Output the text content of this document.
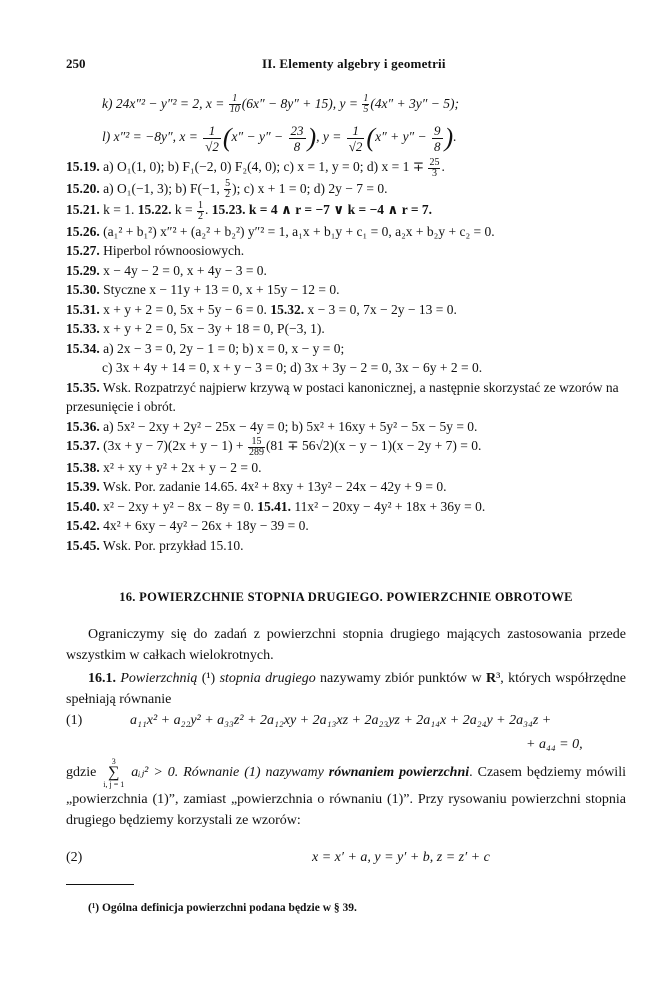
250	II. Elementy algebry i geometrii
k) 24x″² − y″² = 2, $x = \frac{1}{10} (6x'' - 8y'' + 15)$, $y = \frac{1}{5} (4x'' + 3y'' - 5)$;
l) x″² = −8y″, $x = \frac{1}{√2} (x'' - y'' - \frac{23}{8}$ ), $y = \frac{1}{√2} (x'' + y'' - \frac{9}{8}$ ).
15.19. a) O₁(1, 0); b) F₁(−2, 0) F₂(4, 0); c) x = 1, y = 0; d) $x = 1 \mp \frac{25}{3}$ .
15.20. a) O₁(−1, 3); b) F(−1, $\frac{5}{2}$ ); c) x + 1 = 0; d) 2y − 7 = 0.
15.21. k = 1. 15.22. $k = \frac{1}{2}$ . 15.23. k = 4 ∧ r = −7 ∨ k = −4 ∧ r = 7.
15.26. (a₁² + b₁²) x″² + (a₂² + b₂²) y″² = 1, a₁x + b₁y + c₁ = 0, a₂x + b₂y + c₂ = 0.
15.27. Hiperbol równoosiowych.
15.29. x − 4y − 2 = 0, x + 4y − 3 = 0.
15.30. Styczne x − 11y + 13 = 0, x + 15y − 12 = 0.
15.31. x + y + 2 = 0, 5x + 5y − 6 = 0. 15.32. x − 3 = 0, 7x − 2y − 13 = 0.
15.33. x + y + 2 = 0, 5x − 3y + 18 = 0, P(−3, 1).
15.34. a) 2x − 3 = 0, 2y − 1 = 0; b) x = 0, x − y = 0;
c) 3x + 4y + 14 = 0, x + y − 3 = 0; d) 3x + 3y − 2 = 0, 3x − 6y + 2 = 0.
15.35. Wsk. Rozpatrzyć najpierw krzywą w postaci kanonicznej, a następnie skorzystać ze wzorów na przesunięcie i obrót.
15.36. a) 5x² − 2xy + 2y² − 25x − 4y = 0; b) 5x² + 16xy + 5y² − 5x − 5y = 0.
15.37. $(3x + y - 7)(2x + y - 1) + \frac{15}{289} (81 \mp 56√2)(x - y - 1)(x - 2y + 7) = 0$.
15.38. x² + xy + y² + 2x + y − 2 = 0.
15.39. Wsk. Por. zadanie 14.65. 4x² + 8xy + 13y² − 24x − 42y + 9 = 0.
15.40. x² − 2xy + y² − 8x − 8y = 0. 15.41. 11x² − 20xy − 4y² + 18x + 36y = 0.
15.42. 4x² + 6xy − 4y² − 26x + 18y − 39 = 0.
15.45. Wsk. Por. przykład 15.10.
16. POWIERZCHNIE STOPNIA DRUGIEGO. POWIERZCHNIE OBROTOWE
Ograniczymy się do zadań z powierzchni stopnia drugiego mających zastosowania przede wszystkim w całkach wielokrotnych.
16.1. Powierzchnią (¹) stopnia drugiego nazywamy zbiór punktów w R³, których współrzędne spełniają równanie
(1)	a₁₁x² + a₂₂y² + a₃₃z² + 2a₁₂xy + 2a₁₃xz + 2a₂₃yz + 2a₁₄x + 2a₂₄y + 2a₃₄z +
+ a₄₄ = 0,
gdzie 3
∑
i, j = 1 aᵢⱼ² > 0. Równanie (1) nazywamy równaniem powierzchni. Czasem będziemy mówili „powierzchnia (1)”, zamiast „powierzchnia o równaniu (1)”. Przy rysowaniu powierzchni stopnia drugiego będziemy korzystali ze wzorów:
(2)	x = x′ + a, y = y′ + b, z = z′ + c
(¹) Ogólna definicja powierzchni podana będzie w § 39.
